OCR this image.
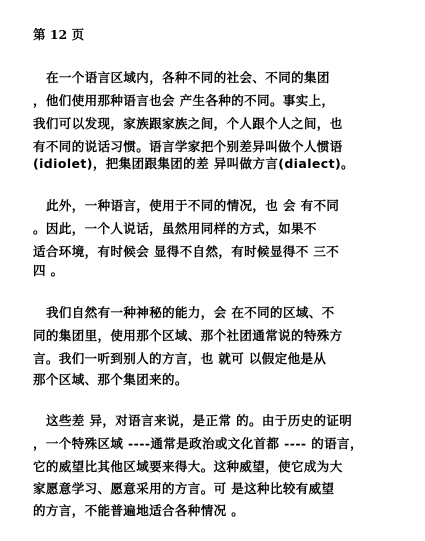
第 12 页
在一个语言区域内，各种不同的社会、不同的集团
，他们使用那种语言也会 产生各种的不同。事实上，
我们可以发现，家族跟家族之间，个人跟个人之间，也
有不同的说话习惯。语言学家把个别差异叫做个人惯语
(idiolet)，把集团跟集团的差 异叫做方言(dialect)。
此外，一种语言，使用于不同的情况，也 会 有不同
。因此，一个人说话，虽然用同样的方式，如果不
适合环境，有时候会 显得不自然，有时候显得不 三不
四 。
我们自然有一种神秘的能力，会 在不同的区域、不
同的集团里，使用那个区域、那个社团通常说的特殊方
言。我们一听到别人的方言，也 就可 以假定他是从
那个区域、那个集团来的。
这些差 异，对语言来说，是正常 的。由于历史的证明
，一个特殊区域 ----通常是政治或文化首都 ---- 的语言，
它的威望比其他区域要来得大。这种威望，使它成为大
家愿意学习、愿意采用的方言。可 是这种比较有威望
的方言，不能普遍地适合各种情况 。
